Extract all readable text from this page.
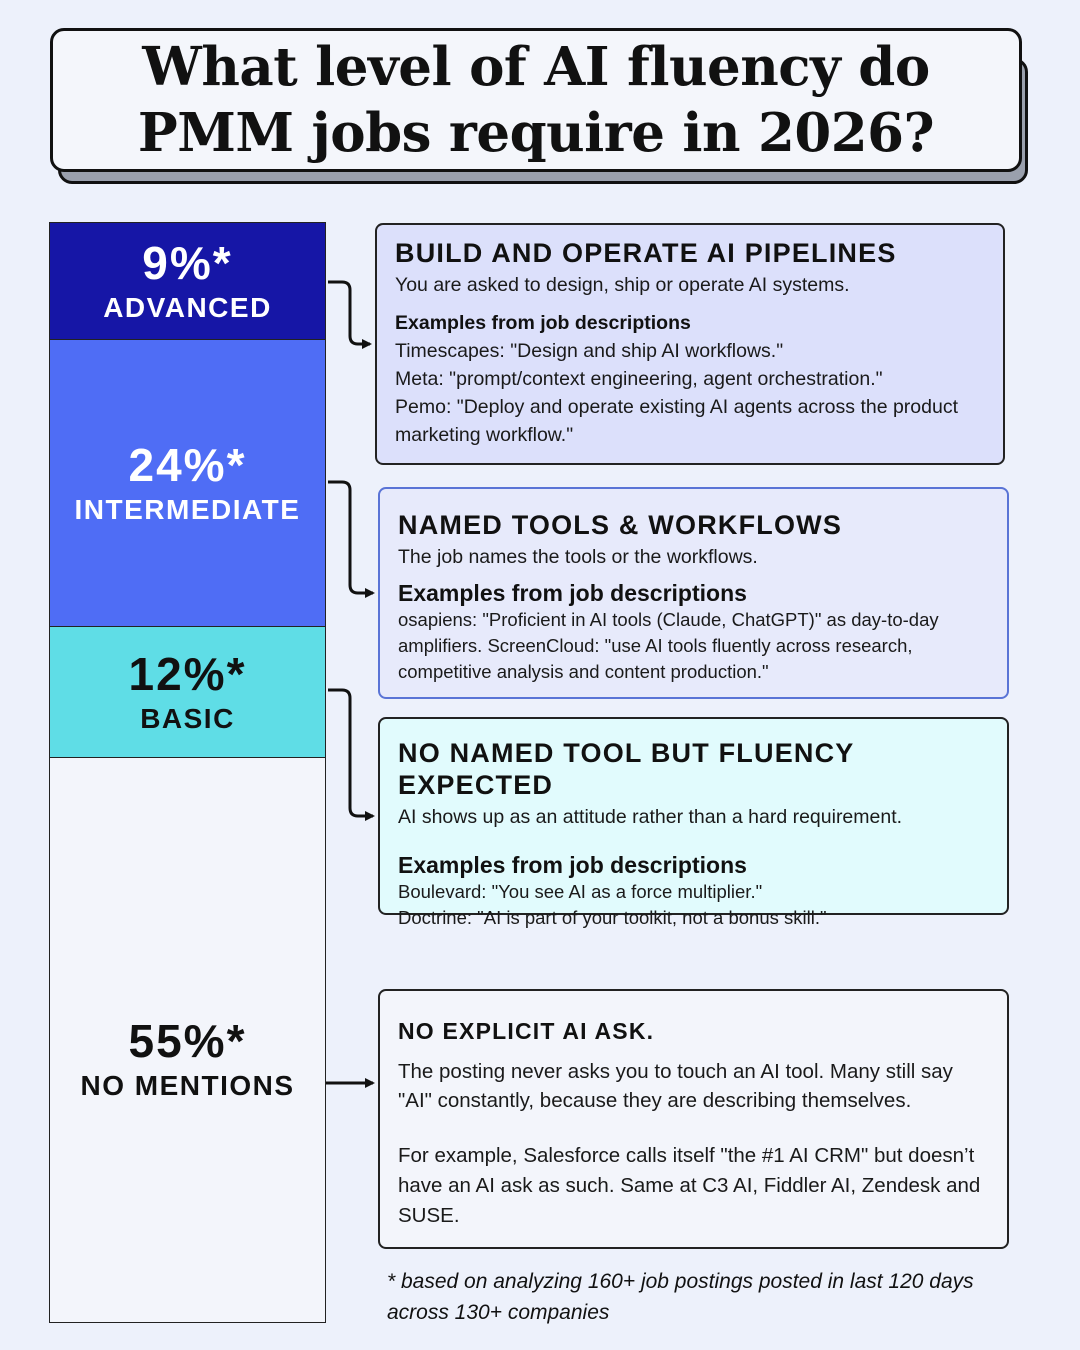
What level of AI fluency do PMM jobs require in 2026?
9%*
ADVANCED
24%*
INTERMEDIATE
12%*
BASIC
55%*
NO MENTIONS
BUILD AND OPERATE AI PIPELINES
You are asked to design, ship or operate AI systems.
Examples from job descriptions
Timescapes: "Design and ship AI workflows."
Meta: "prompt/context engineering, agent orchestration."
Pemo: "Deploy and operate existing AI agents across the product marketing workflow."
NAMED TOOLS & WORKFLOWS
The job names the tools or the workflows.
Examples from job descriptions
osapiens: "Proficient in AI tools (Claude, ChatGPT)" as day-to-day amplifiers. ScreenCloud: "use AI tools fluently across research, competitive analysis and content production."
NO NAMED TOOL BUT FLUENCY EXPECTED
AI shows up as an attitude rather than a hard requirement.
Examples from job descriptions
Boulevard: "You see AI as a force multiplier."
Doctrine: "AI is part of your toolkit, not a bonus skill."
NO EXPLICIT AI ASK.
The posting never asks you to touch an AI tool. Many still say "AI" constantly, because they are describing themselves.
For example, Salesforce calls itself "the #1 AI CRM" but doesn’t have an AI ask as such. Same at C3 AI, Fiddler AI, Zendesk and SUSE.
* based on analyzing 160+ job postings posted in last 120 days across 130+ companies
